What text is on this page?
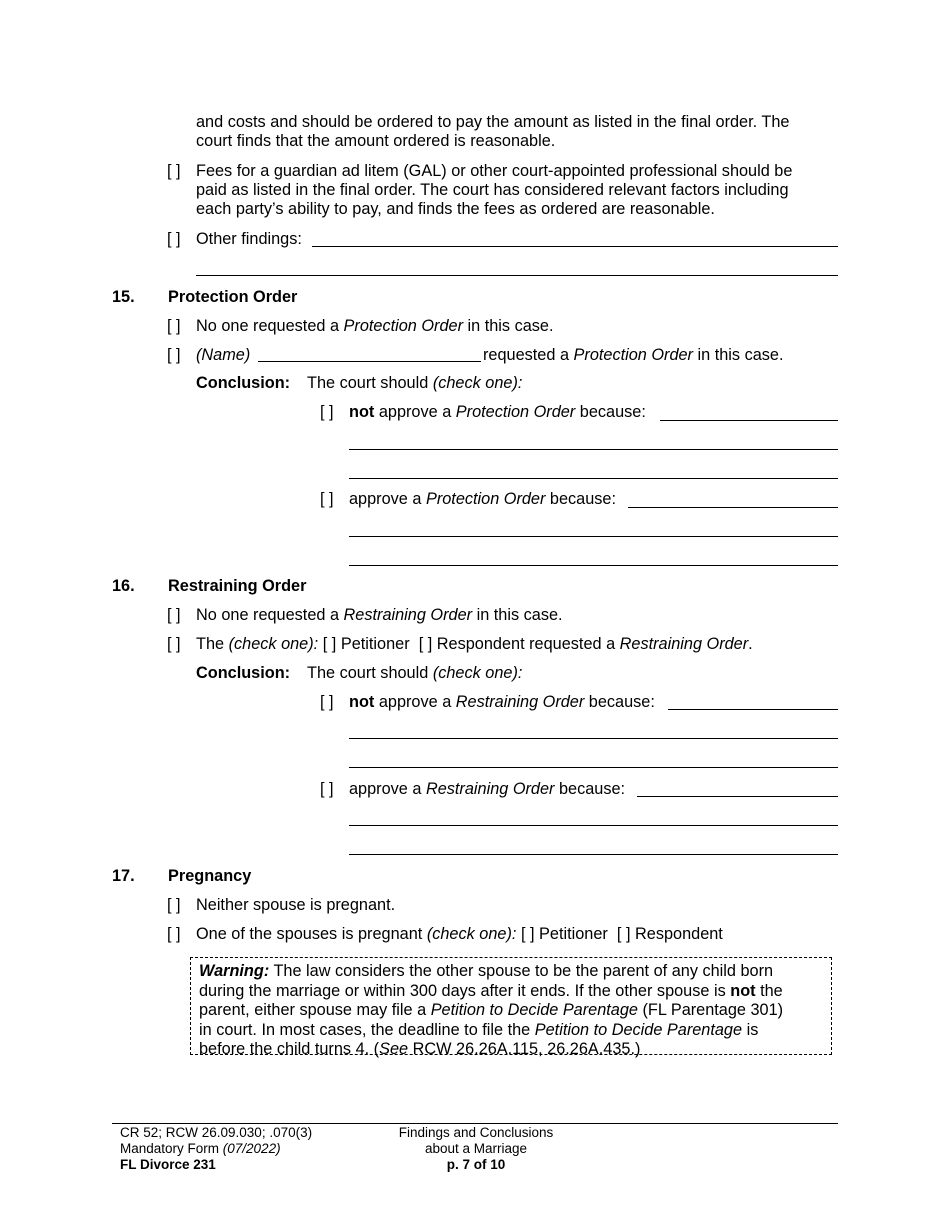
and costs and should be ordered to pay the amount as listed in the final order. The
court finds that the amount ordered is reasonable.
[ ] Fees for a guardian ad litem (GAL) or other court-appointed professional should be
paid as listed in the final order. The court has considered relevant factors including
each party’s ability to pay, and finds the fees as ordered are reasonable.
[ ] Other findings:
15. Protection Order
[ ] No one requested a Protection Order in this case.
[ ] (Name)	requested a Protection Order in this case.
Conclusion: The court should (check one):
[ ] not approve a Protection Order because:
[ ] approve a Protection Order because:
16. Restraining Order
[ ] No one requested a Restraining Order in this case.
[ ] The (check one): [ ] Petitioner [ ] Respondent requested a Restraining Order.
Conclusion: The court should (check one):
[ ] not approve a Restraining Order because:
[ ] approve a Restraining Order because:
17. Pregnancy
[ ] Neither spouse is pregnant.
[ ] One of the spouses is pregnant (check one): [ ] Petitioner [ ] Respondent
Warning: The law considers the other spouse to be the parent of any child born
during the marriage or within 300 days after it ends. If the other spouse is not the
parent, either spouse may file a Petition to Decide Parentage (FL Parentage 301)
in court. In most cases, the deadline to file the Petition to Decide Parentage is
before the child turns 4. (See RCW 26.26A.115, 26.26A.435.)
CR 52; RCW 26.09.030; .070(3)
Mandatory Form (07/2022)
FL Divorce 231
Findings and Conclusions
about a Marriage
p. 7 of 10
